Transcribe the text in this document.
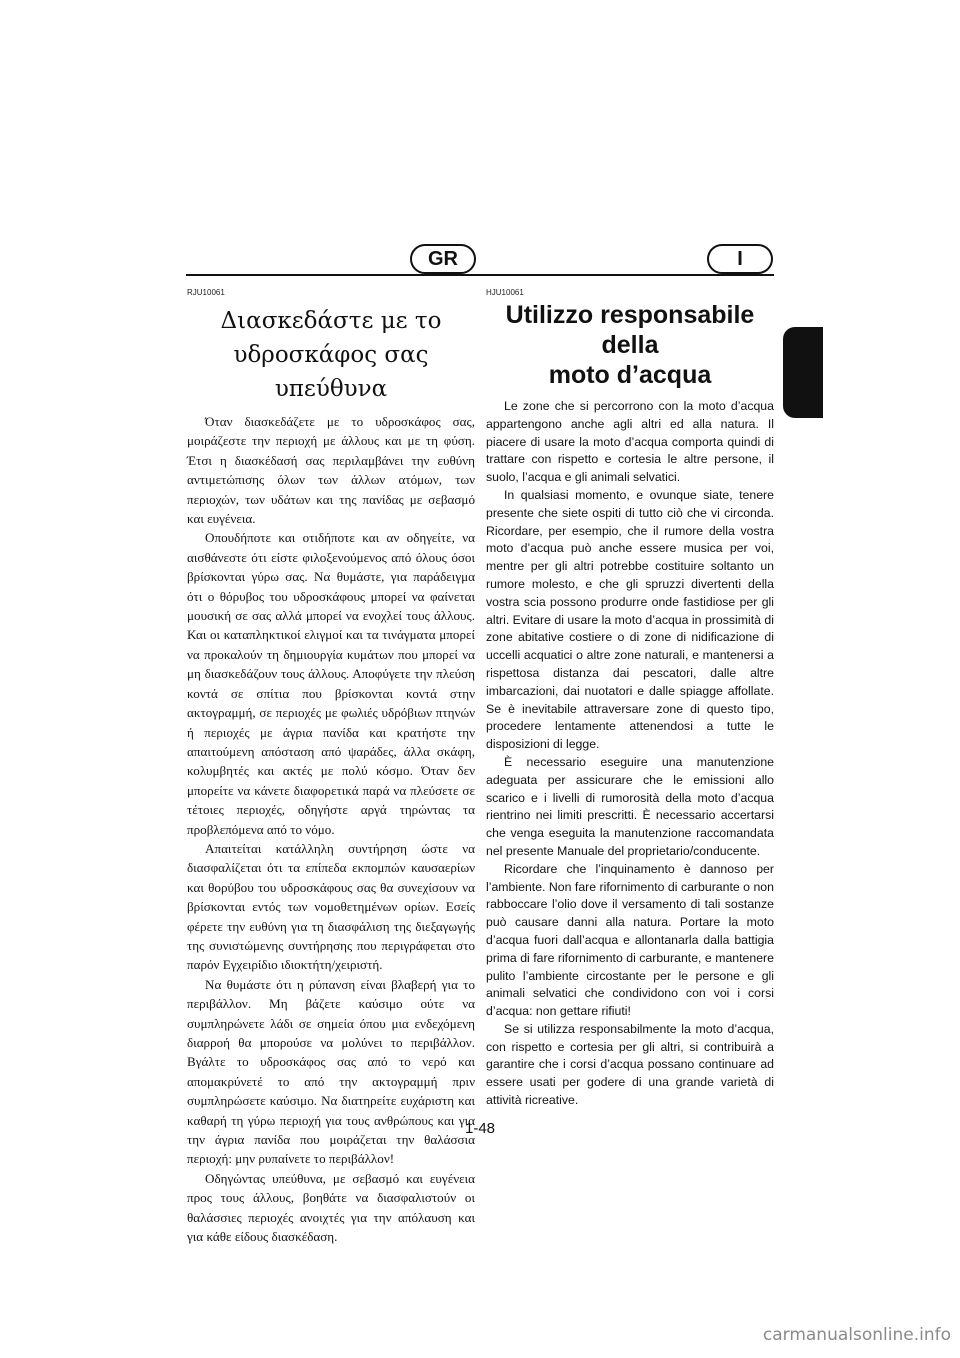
GR	I
RJU10061
Διασκεδάστε με το
υδροσκάφος σας υπεύθυνα

Όταν διασκεδάζετε με το υδροσκάφος σας, μοιράζεστε την περιοχή με άλλους και με τη φύση. Έτσι η διασκέδασή σας περιλαμβάνει την ευθύνη αντιμετώπισης όλων των άλλων ατόμων, των περιοχών, των υδάτων και της πανίδας με σεβασμό και ευγένεια.

Οπουδήποτε και οτιδήποτε και αν οδηγείτε, να αισθάνεστε ότι είστε φιλοξενούμενος από όλους όσοι βρίσκονται γύρω σας. Να θυμάστε, για παράδειγμα ότι ο θόρυβος του υδροσκάφους μπορεί να φαίνεται μουσική σε σας αλλά μπορεί να ενοχλεί τους άλλους. Και οι καταπληκτικοί ελιγμοί και τα τινάγματα μπορεί να προκαλούν τη δημιουργία κυμάτων που μπορεί να μη διασκεδάζουν τους άλλους. Αποφύγετε την πλεύση κοντά σε σπίτια που βρίσκονται κοντά στην ακτογραμμή, σε περιοχές με φωλιές υδρόβιων πτηνών ή περιοχές με άγρια πανίδα και κρατήστε την απαιτούμενη απόσταση από ψαράδες, άλλα σκάφη, κολυμβητές και ακτές με πολύ κόσμο. Όταν δεν μπορείτε να κάνετε διαφορετικά παρά να πλεύσετε σε τέτοιες περιοχές, οδηγήστε αργά τηρώντας τα προβλεπόμενα από το νόμο.

Απαιτείται κατάλληλη συντήρηση ώστε να διασφαλίζεται ότι τα επίπεδα εκπομπών καυσαερίων και θορύβου του υδροσκάφους σας θα συνεχίσουν να βρίσκονται εντός των νομοθετημένων ορίων. Εσείς φέρετε την ευθύνη για τη διασφάλιση της διεξαγωγής της συνιστώμενης συντήρησης που περιγράφεται στο παρόν Εγχειρίδιο ιδιοκτήτη/χειριστή.

Να θυμάστε ότι η ρύπανση είναι βλαβερή για το περιβάλλον. Μη βάζετε καύσιμο ούτε να συμπληρώνετε λάδι σε σημεία όπου μια ενδεχόμενη διαρροή θα μπορούσε να μολύνει το περιβάλλον. Βγάλτε το υδροσκάφος σας από το νερό και απομακρύνετέ το από την ακτογραμμή πριν συμπληρώσετε καύσιμο. Να διατηρείτε ευχάριστη και καθαρή τη γύρω περιοχή για τους ανθρώπους και για την άγρια πανίδα που μοιράζεται την θαλάσσια περιοχή: μην ρυπαίνετε το περιβάλλον!

Οδηγώντας υπεύθυνα, με σεβασμό και ευγένεια προς τους άλλους, βοηθάτε να διασφαλιστούν οι θαλάσσιες περιοχές ανοιχτές για την απόλαυση και για κάθε είδους διασκέδαση.

HJU10061
Utilizzo responsabile della
moto d’acqua

Le zone che si percorrono con la moto d’acqua appartengono anche agli altri ed alla natura. Il piacere di usare la moto d’acqua comporta quindi di trattare con rispetto e cortesia le altre persone, il suolo, l’acqua e gli animali selvatici.

In qualsiasi momento, e ovunque siate, tenere presente che siete ospiti di tutto ciò che vi circonda. Ricordare, per esempio, che il rumore della vostra moto d’acqua può anche essere musica per voi, mentre per gli altri potrebbe costituire soltanto un rumore molesto, e che gli spruzzi divertenti della vostra scia possono produrre onde fastidiose per gli altri. Evitare di usare la moto d’acqua in prossimità di zone abitative costiere o di zone di nidificazione di uccelli acquatici o altre zone naturali, e mantenersi a rispettosa distanza dai pescatori, dalle altre imbarcazioni, dai nuotatori e dalle spiagge affollate. Se è inevitabile attraversare zone di questo tipo, procedere lentamente attenendosi a tutte le disposizioni di legge.

È necessario eseguire una manutenzione adeguata per assicurare che le emissioni allo scarico e i livelli di rumorosità della moto d’acqua rientrino nei limiti prescritti. È necessario accertarsi che venga eseguita la manutenzione raccomandata nel presente Manuale del proprietario/conducente.

Ricordare che l’inquinamento è dannoso per l’ambiente. Non fare rifornimento di carburante o non rabboccare l’olio dove il versamento di tali sostanze può causare danni alla natura. Portare la moto d’acqua fuori dall’acqua e allontanarla dalla battigia prima di fare rifornimento di carburante, e mantenere pulito l’ambiente circostante per le persone e gli animali selvatici che condividono con voi i corsi d’acqua: non gettare rifiuti!

Se si utilizza responsabilmente la moto d’acqua, con rispetto e cortesia per gli altri, si contribuirà a garantire che i corsi d’acqua possano continuare ad essere usati per godere di una grande varietà di attività ricreative.

1-48
carmanualsonline.info
